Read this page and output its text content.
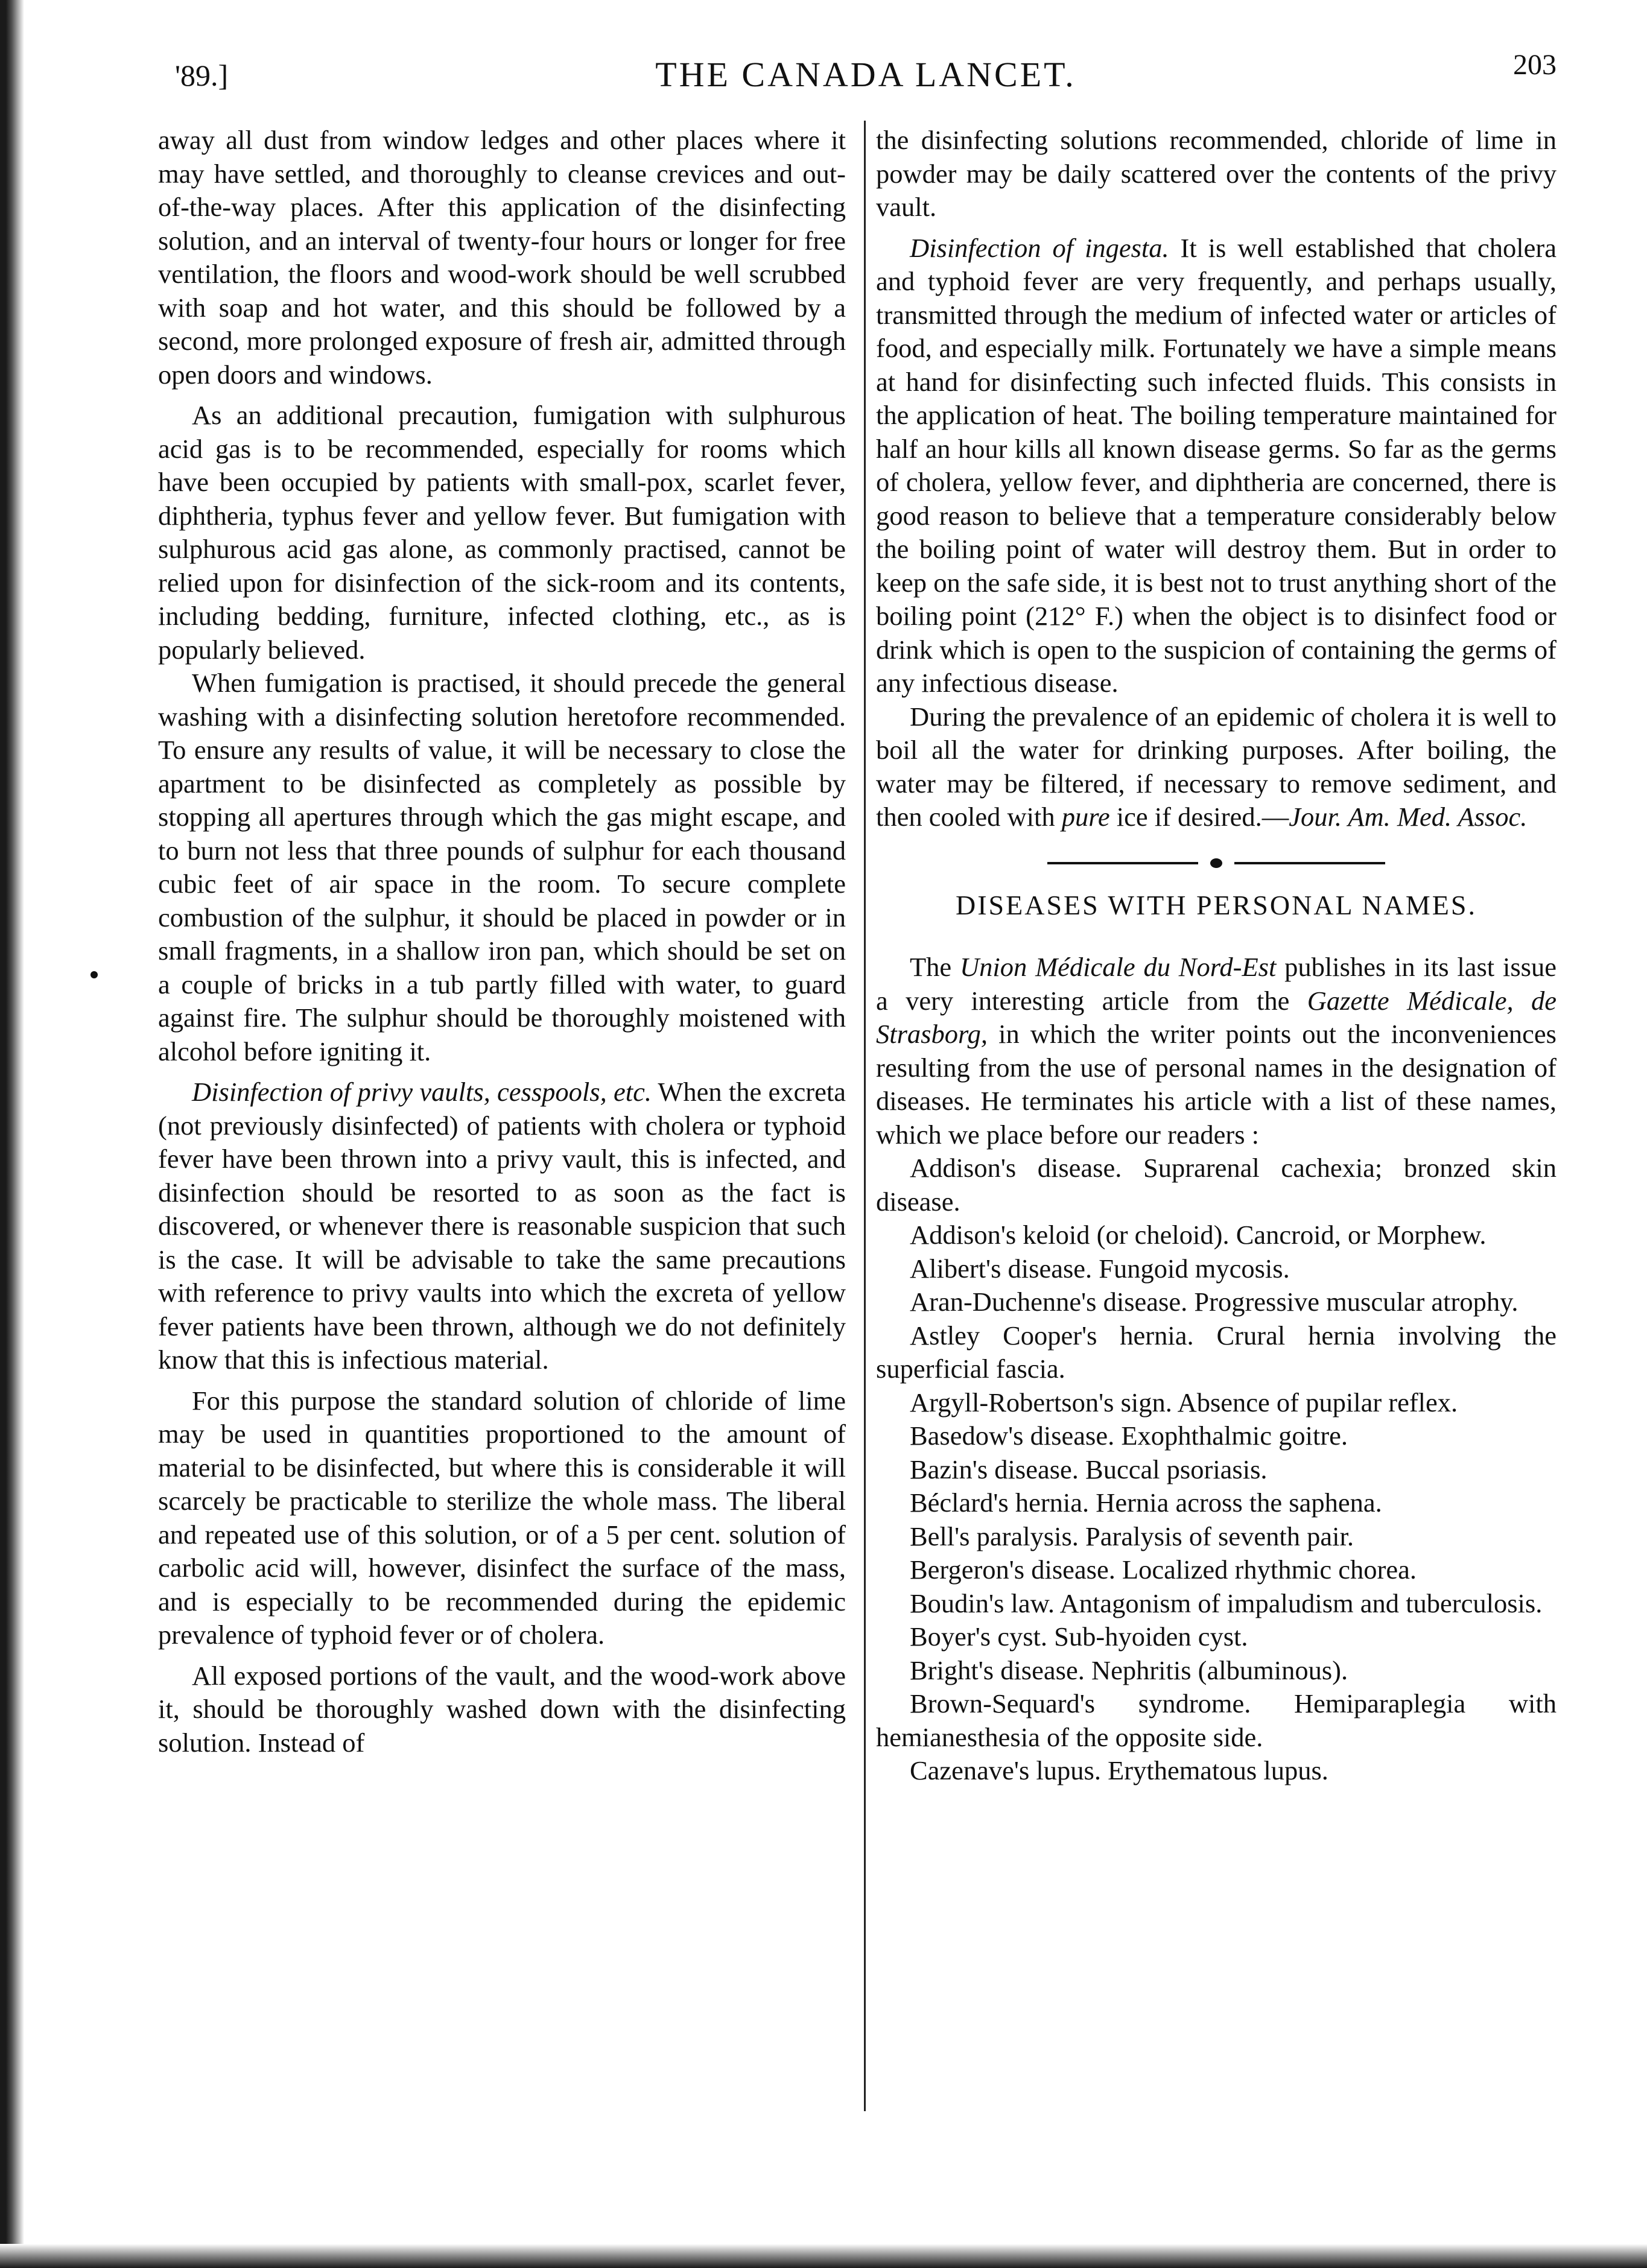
'89.]	THE CANADA LANCET.	203

away all dust from window ledges and other places where it may have settled, and thoroughly to cleanse crevices and out-of-the-way places. After this application of the disinfecting solution, and an interval of twenty-four hours or longer for free ventilation, the floors and wood-work should be well scrubbed with soap and hot water, and this should be followed by a second, more prolonged exposure of fresh air, admitted through open doors and windows.

As an additional precaution, fumigation with sulphurous acid gas is to be recommended, especially for rooms which have been occupied by patients with small-pox, scarlet fever, diphtheria, typhus fever and yellow fever. But fumigation with sulphurous acid gas alone, as commonly practised, cannot be relied upon for disinfection of the sick-room and its contents, including bedding, furniture, infected clothing, etc., as is popularly believed.

When fumigation is practised, it should precede the general washing with a disinfecting solution heretofore recommended. To ensure any results of value, it will be necessary to close the apartment to be disinfected as completely as possible by stopping all apertures through which the gas might escape, and to burn not less that three pounds of sulphur for each thousand cubic feet of air space in the room. To secure complete combustion of the sulphur, it should be placed in powder or in small fragments, in a shallow iron pan, which should be set on a couple of bricks in a tub partly filled with water, to guard against fire. The sulphur should be thoroughly moistened with alcohol before igniting it.

Disinfection of privy vaults, cesspools, etc. When the excreta (not previously disinfected) of patients with cholera or typhoid fever have been thrown into a privy vault, this is infected, and disinfection should be resorted to as soon as the fact is discovered, or whenever there is reasonable suspicion that such is the case. It will be advisable to take the same precautions with reference to privy vaults into which the excreta of yellow fever patients have been thrown, although we do not definitely know that this is infectious material.

For this purpose the standard solution of chloride of lime may be used in quantities proportioned to the amount of material to be disinfected, but where this is considerable it will scarcely be practicable to sterilize the whole mass. The liberal and repeated use of this solution, or of a 5 per cent. solution of carbolic acid will, however, disinfect the surface of the mass, and is especially to be recommended during the epidemic prevalence of typhoid fever or of cholera.

All exposed portions of the vault, and the wood-work above it, should be thoroughly washed down with the disinfecting solution. Instead of

the disinfecting solutions recommended, chloride of lime in powder may be daily scattered over the contents of the privy vault.

Disinfection of ingesta. It is well established that cholera and typhoid fever are very frequently, and perhaps usually, transmitted through the medium of infected water or articles of food, and especially milk. Fortunately we have a simple means at hand for disinfecting such infected fluids. This consists in the application of heat. The boiling temperature maintained for half an hour kills all known disease germs. So far as the germs of cholera, yellow fever, and diphtheria are concerned, there is good reason to believe that a temperature considerably below the boiling point of water will destroy them. But in order to keep on the safe side, it is best not to trust anything short of the boiling point (212° F.) when the object is to disinfect food or drink which is open to the suspicion of containing the germs of any infectious disease.

During the prevalence of an epidemic of cholera it is well to boil all the water for drinking purposes. After boiling, the water may be filtered, if necessary to remove sediment, and then cooled with pure ice if desired.—Jour. Am. Med. Assoc.

DISEASES WITH PERSONAL NAMES.

The Union Médicale du Nord-Est publishes in its last issue a very interesting article from the Gazette Médicale, de Strasborg, in which the writer points out the inconveniences resulting from the use of personal names in the designation of diseases. He terminates his article with a list of these names, which we place before our readers :

Addison's disease. Suprarenal cachexia; bronzed skin disease.

Addison's keloid (or cheloid). Cancroid, or Morphew.

Alibert's disease. Fungoid mycosis.

Aran-Duchenne's disease. Progressive muscular atrophy.

Astley Cooper's hernia. Crural hernia involving the superficial fascia.

Argyll-Robertson's sign. Absence of pupilar reflex.

Basedow's disease. Exophthalmic goitre.

Bazin's disease. Buccal psoriasis.

Béclard's hernia. Hernia across the saphena.

Bell's paralysis. Paralysis of seventh pair.

Bergeron's disease. Localized rhythmic chorea.

Boudin's law. Antagonism of impaludism and tuberculosis.

Boyer's cyst. Sub-hyoiden cyst.

Bright's disease. Nephritis (albuminous).

Brown-Sequard's syndrome. Hemiparaplegia with hemianesthesia of the opposite side.

Cazenave's lupus. Erythematous lupus.
